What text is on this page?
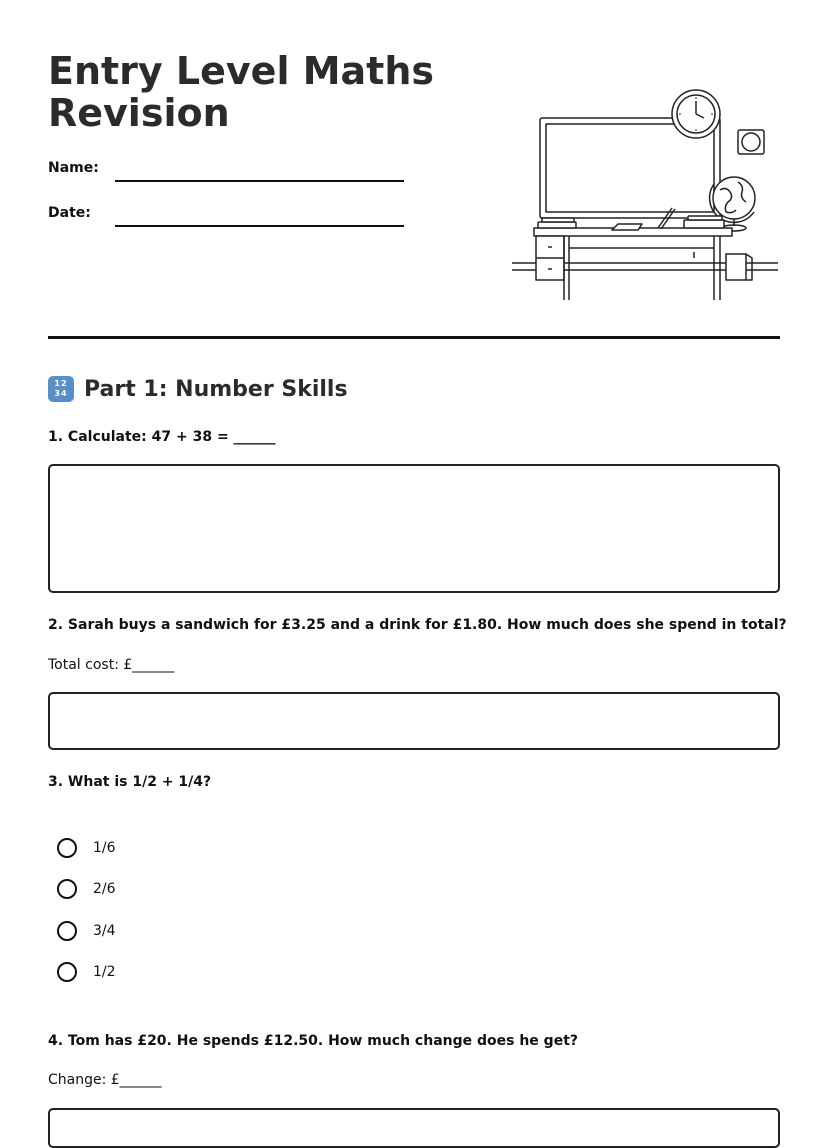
Entry Level Maths
Revision
Name:
Date:
12
34 Part 1: Number Skills
1. Calculate: 47 + 38 = ______
2. Sarah buys a sandwich for £3.25 and a drink for £1.80. How much does she spend in total?
Total cost: £______
3. What is 1/2 + 1/4?
1/6
2/6
3/4
1/2
4. Tom has £20. He spends £12.50. How much change does he get?
Change: £______
